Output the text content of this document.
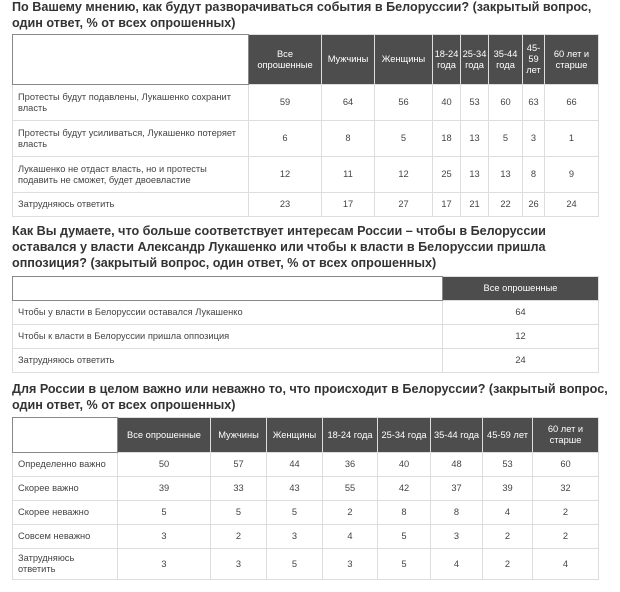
По Вашему мнению, как будут разворачиваться события в Белоруссии? (закрытый вопрос, один ответ, % от всех опрошенных)
	Все опрошенные	Мужчины	Женщины	18-24 года	25-34 года	35-44 года	45-59 лет	60 лет и старше
Протесты будут подавлены, Лукашенко сохранит власть	59	64	56	40	53	60	63	66
Протесты будут усиливаться, Лукашенко потеряет власть	6	8	5	18	13	5	3	1
Лукашенко не отдаст власть, но и протесты подавить не сможет, будет двоевластие	12	11	12	25	13	13	8	9
Затрудняюсь ответить	23	17	27	17	21	22	26	24
Как Вы думаете, что больше соответствует интересам России – чтобы в Белоруссии оставался у власти Александр Лукашенко или чтобы к власти в Белоруссии пришла оппозиция? (закрытый вопрос, один ответ, % от всех опрошенных)
	Все опрошенные
Чтобы у власти в Белоруссии оставался Лукашенко	64
Чтобы к власти в Белоруссии пришла оппозиция	12
Затрудняюсь ответить	24
Для России в целом важно или неважно то, что происходит в Белоруссии? (закрытый вопрос, один ответ, % от всех опрошенных)
	Все опрошенные	Мужчины	Женщины	18-24 года	25-34 года	35-44 года	45-59 лет	60 лет и старше
Определенно важно	50	57	44	36	40	48	53	60
Скорее важно	39	33	43	55	42	37	39	32
Скорее неважно	5	5	5	2	8	8	4	2
Совсем неважно	3	2	3	4	5	3	2	2
Затрудняюсь ответить	3	3	5	3	5	4	2	4
